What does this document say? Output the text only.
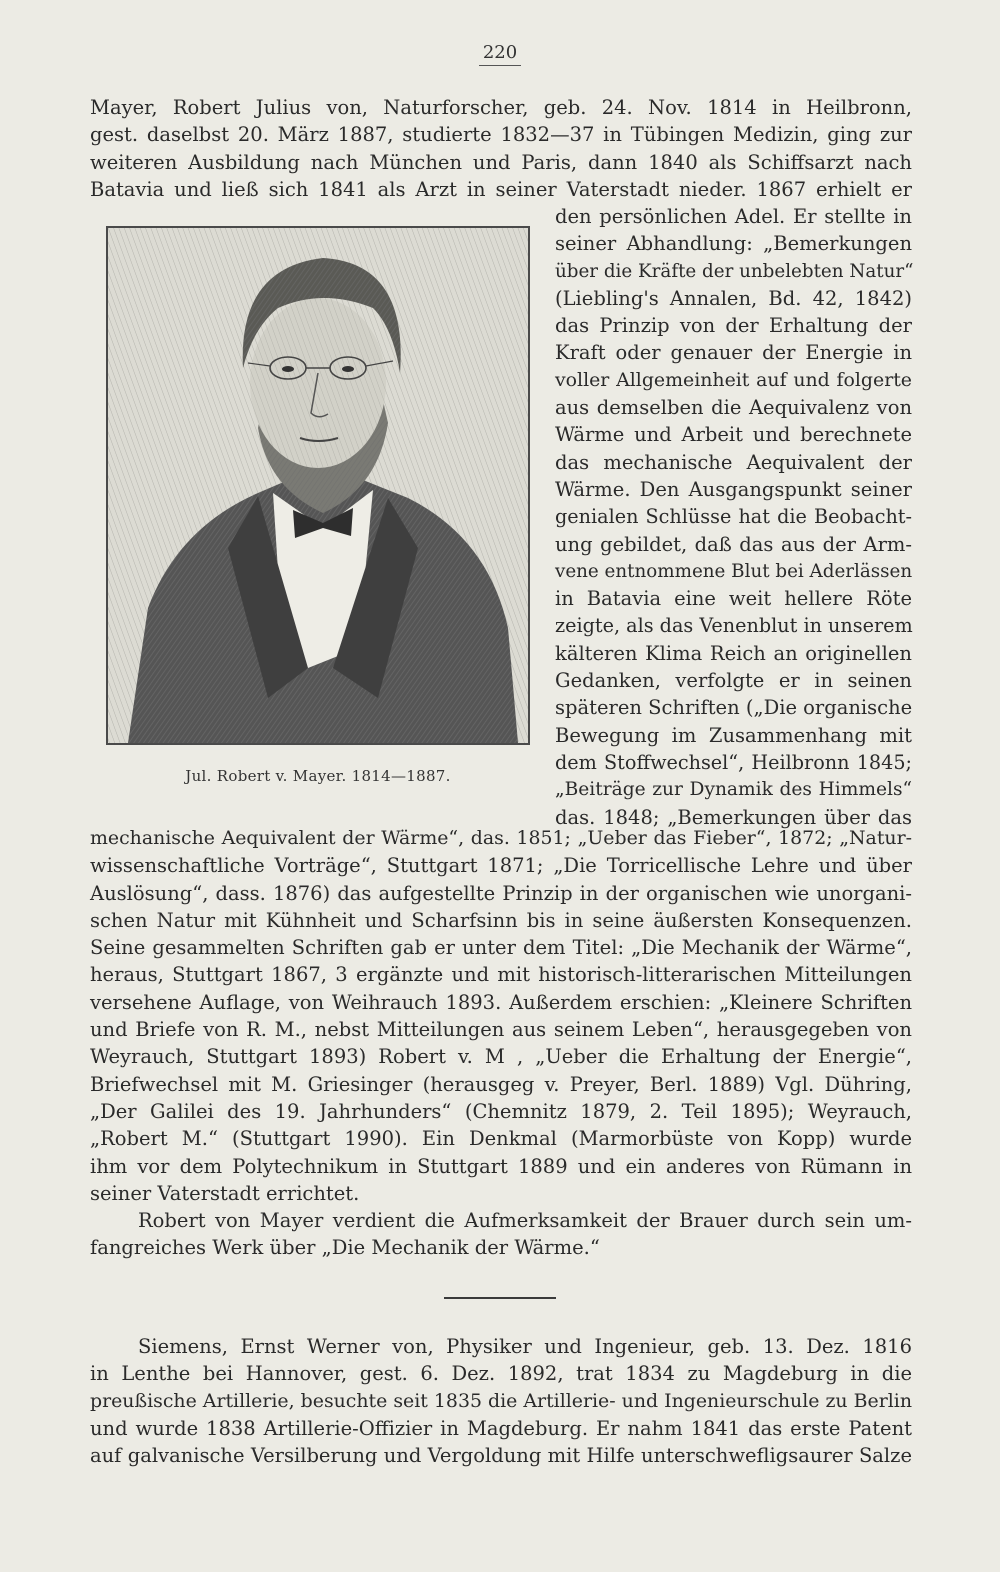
220
Mayer, Robert Julius von, Naturforscher, geb. 24. Nov. 1814 in Heilbronn,
gest. daselbst 20. März 1887, studierte 1832—37 in Tübingen Medizin, ging zur
weiteren Ausbildung nach München und Paris, dann 1840 als Schiffsarzt nach
Batavia und ließ sich 1841 als Arzt in seiner Vaterstadt nieder. 1867 erhielt er
Jul. Robert v. Mayer. 1814—1887.
den persönlichen Adel. Er stellte in
seiner Abhandlung: „Bemerkungen
über die Kräfte der unbelebten Natur“
(Liebling's Annalen, Bd. 42, 1842)
das Prinzip von der Erhaltung der
Kraft oder genauer der Energie in
voller Allgemeinheit auf und folgerte
aus demselben die Aequivalenz von
Wärme und Arbeit und berechnete
das mechanische Aequivalent der
Wärme. Den Ausgangspunkt seiner
genialen Schlüsse hat die Beobacht-
ung gebildet, daß das aus der Arm-
vene entnommene Blut bei Aderlässen
in Batavia eine weit hellere Röte
zeigte, als das Venenblut in unserem
kälteren Klima Reich an originellen
Gedanken, verfolgte er in seinen
späteren Schriften („Die organische
Bewegung im Zusammenhang mit
dem Stoffwechsel“, Heilbronn 1845;
„Beiträge zur Dynamik des Himmels“
das. 1848; „Bemerkungen über das
mechanische Aequivalent der Wärme“, das. 1851; „Ueber das Fieber“, 1872; „Natur-
wissenschaftliche Vorträge“, Stuttgart 1871; „Die Torricellische Lehre und über
Auslösung“, dass. 1876) das aufgestellte Prinzip in der organischen wie unorgani-
schen Natur mit Kühnheit und Scharfsinn bis in seine äußersten Konsequenzen.
Seine gesammelten Schriften gab er unter dem Titel: „Die Mechanik der Wärme“,
heraus, Stuttgart 1867, 3 ergänzte und mit historisch-litterarischen Mitteilungen
versehene Auflage, von Weihrauch 1893. Außerdem erschien: „Kleinere Schriften
und Briefe von R. M., nebst Mitteilungen aus seinem Leben“, herausgegeben von
Weyrauch, Stuttgart 1893) Robert v. M , „Ueber die Erhaltung der Energie“,
Briefwechsel mit M. Griesinger (herausgeg v. Preyer, Berl. 1889) Vgl. Dühring,
„Der Galilei des 19. Jahrhunders“ (Chemnitz 1879, 2. Teil 1895); Weyrauch,
„Robert M.“ (Stuttgart 1990). Ein Denkmal (Marmorbüste von Kopp) wurde
ihm vor dem Polytechnikum in Stuttgart 1889 und ein anderes von Rümann in
seiner Vaterstadt errichtet.
Robert von Mayer verdient die Aufmerksamkeit der Brauer durch sein um-
fangreiches Werk über „Die Mechanik der Wärme.“
Siemens, Ernst Werner von, Physiker und Ingenieur, geb. 13. Dez. 1816
in Lenthe bei Hannover, gest. 6. Dez. 1892, trat 1834 zu Magdeburg in die
preußische Artillerie, besuchte seit 1835 die Artillerie- und Ingenieurschule zu Berlin
und wurde 1838 Artillerie-Offizier in Magdeburg. Er nahm 1841 das erste Patent
auf galvanische Versilberung und Vergoldung mit Hilfe unterschwefligsaurer Salze
